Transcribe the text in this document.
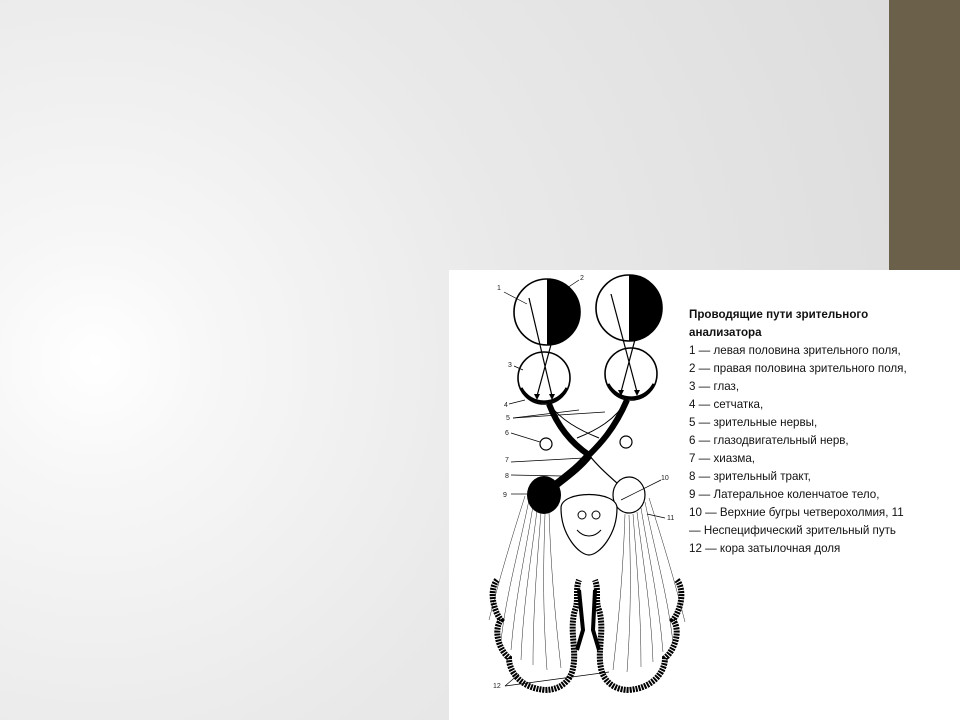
1
2
3
4
5
6
7
8
9
10
11
12
Проводящие пути зрительного
анализатора
1 — левая половина зрительного поля,
2 — правая половина зрительного поля,
3 — глаз,
4 — сетчатка,
5 — зрительные нервы,
6 — глазодвигательный нерв,
7 — хиазма,
8 — зрительный тракт,
9 — Латеральное коленчатое тело,
10 — Верхние бугры четверохолмия, 11
— Неспецифический зрительный путь
12 — кора затылочная доля
